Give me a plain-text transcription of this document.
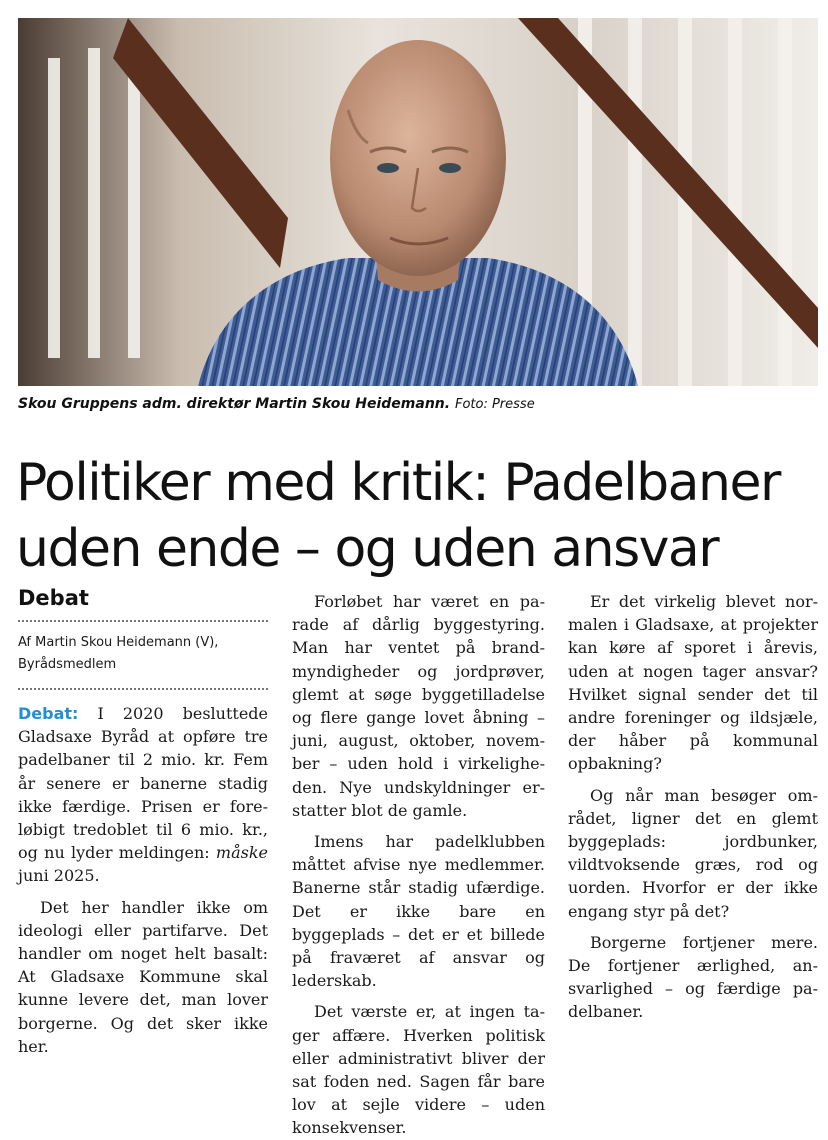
Skou Gruppens adm. direktør Martin Skou Heidemann. Foto: Presse
Politiker med kritik: Padelbaner
uden ende – og uden ansvar
Debat
Af Martin Skou Heidemann (V),
Byrådsmedlem

Debat: I 2020 besluttede Gladsaxe Byråd at opføre tre padelbaner til 2 mio. kr. Fem år senere er banerne stadig ikke færdige. Prisen er foreløbigt tredoblet til 6 mio. kr., og nu lyder meldingen: måske juni 2025.

Det her handler ikke om ideologi eller partifarve. Det handler om noget helt basalt: At Gladsaxe Kommune skal kunne levere det, man lover borgerne. Og det sker ikke her.

Forløbet har været en parade af dårlig byggestyring. Man har ventet på brandmyndigheder og jordprøver, glemt at søge byggetilladelse og flere gange lovet åbning – juni, august, oktober, november – uden hold i virkeligheden. Nye undskyldninger erstatter blot de gamle.

Imens har padelklubben måttet afvise nye medlemmer. Banerne står stadig ufærdige. Det er ikke bare en byggeplads – det er et billede på fraværet af ansvar og lederskab.

Det værste er, at ingen tager affære. Hverken politisk eller administrativt bliver der sat foden ned. Sagen får bare lov at sejle videre – uden konsekvenser.

Er det virkelig blevet normalen i Gladsaxe, at projekter kan køre af sporet i årevis, uden at nogen tager ansvar? Hvilket signal sender det til andre foreninger og ildsjæle, der håber på kommunal opbakning?

Og når man besøger området, ligner det en glemt byggeplads: jordbunker, vildtvoksende græs, rod og uorden. Hvorfor er der ikke engang styr på det?

Borgerne fortjener mere. De fortjener ærlighed, ansvarlighed – og færdige padelbaner.
